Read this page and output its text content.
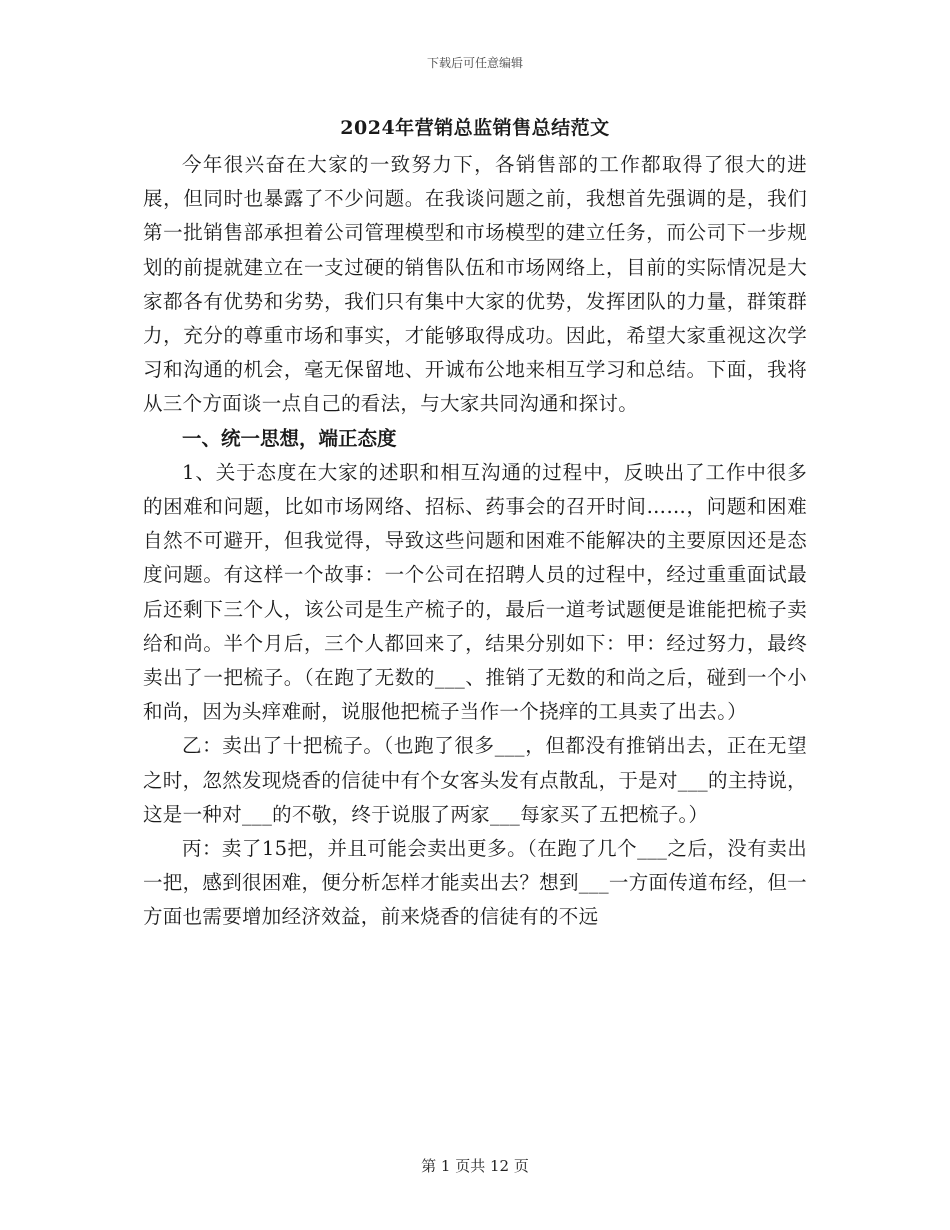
下载后可任意编辑
2024年营销总监销售总结范文

今年很兴奋在大家的一致努力下，各销售部的工作都取得了很大的进展，但同时也暴露了不少问题。在我谈问题之前，我想首先强调的是，我们第一批销售部承担着公司管理模型和市场模型的建立任务，而公司下一步规划的前提就建立在一支过硬的销售队伍和市场网络上，目前的实际情况是大家都各有优势和劣势，我们只有集中大家的优势，发挥团队的力量，群策群力，充分的尊重市场和事实，才能够取得成功。因此，希望大家重视这次学习和沟通的机会，毫无保留地、开诚布公地来相互学习和总结。下面，我将从三个方面谈一点自己的看法，与大家共同沟通和探讨。

一、统一思想，端正态度

1、关于态度在大家的述职和相互沟通的过程中，反映出了工作中很多的困难和问题，比如市场网络、招标、药事会的召开时间……，问题和困难自然不可避开，但我觉得，导致这些问题和困难不能解决的主要原因还是态度问题。有这样一个故事：一个公司在招聘人员的过程中，经过重重面试最后还剩下三个人，该公司是生产梳子的，最后一道考试题便是谁能把梳子卖给和尚。半个月后，三个人都回来了，结果分别如下：甲：经过努力，最终卖出了一把梳子。（在跑了无数的___、推销了无数的和尚之后，碰到一个小和尚，因为头痒难耐，说服他把梳子当作一个挠痒的工具卖了出去。）

乙：卖出了十把梳子。（也跑了很多___，但都没有推销出去，正在无望之时，忽然发现烧香的信徒中有个女客头发有点散乱，于是对___的主持说，这是一种对___的不敬，终于说服了两家___每家买了五把梳子。）

丙：卖了15把，并且可能会卖出更多。（在跑了几个___之后，没有卖出一把，感到很困难，便分析怎样才能卖出去？想到___一方面传道布经，但一方面也需要增加经济效益，前来烧香的信徒有的不远

第 1 页共 12 页
